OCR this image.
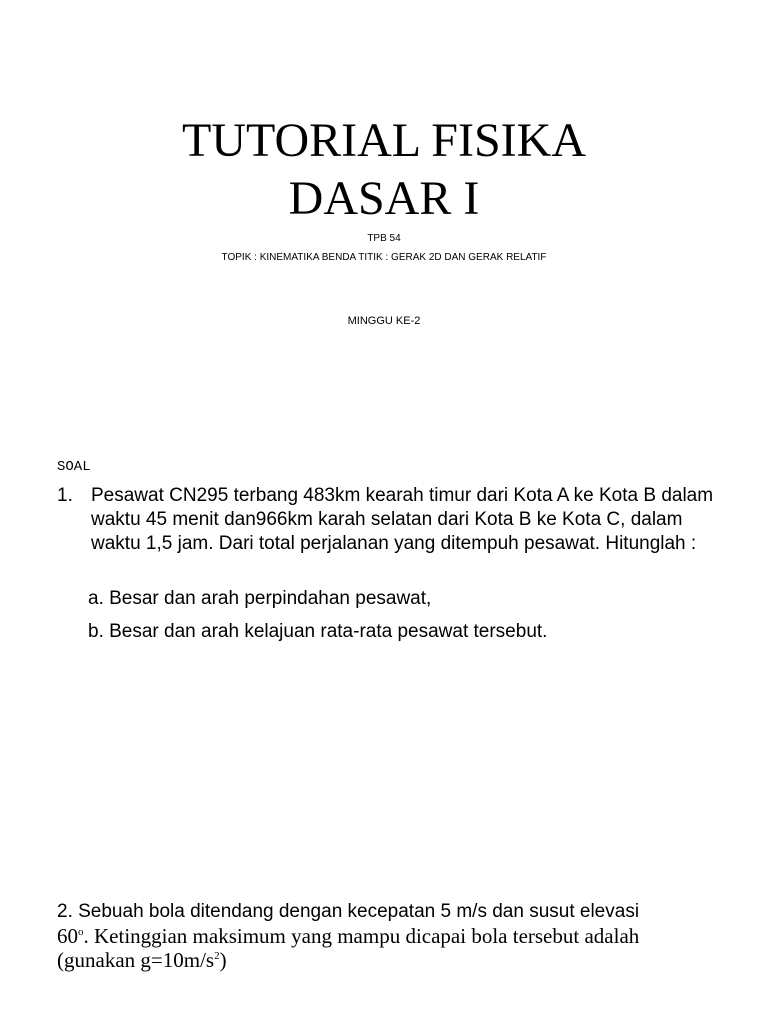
TUTORIAL FISIKA
DASAR I
TPB 54
TOPIK : KINEMATIKA BENDA TITIK : GERAK 2D DAN GERAK RELATIF
MINGGU KE-2
SOAL
1. Pesawat CN295 terbang 483km kearah timur dari Kota A ke Kota B dalam waktu 45 menit dan966km karah selatan dari Kota B ke Kota C, dalam waktu 1,5 jam. Dari total perjalanan yang ditempuh pesawat. Hitunglah :
a. Besar dan arah perpindahan pesawat,
b. Besar dan arah kelajuan rata-rata pesawat tersebut.
2. Sebuah bola ditendang dengan kecepatan 5 m/s dan susut elevasi
60$^o$. Ketinggian maksimum yang mampu dicapai bola tersebut adalah
(gunakan $g=10m/s^2$)
